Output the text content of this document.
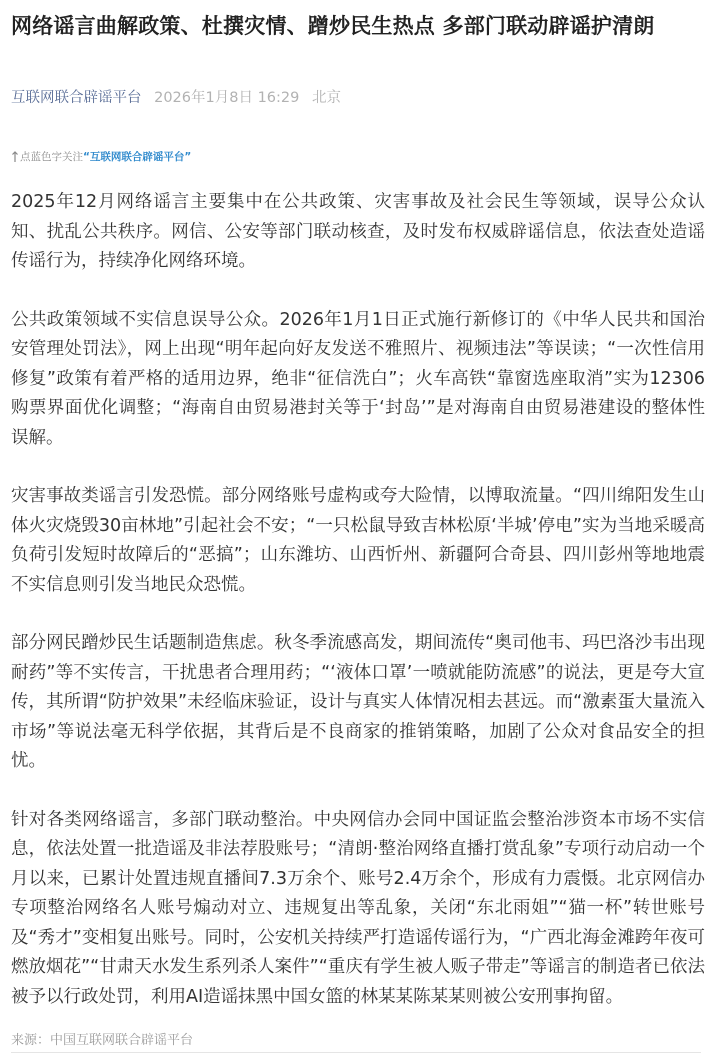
网络谣言曲解政策、杜撰灾情、蹭炒民生热点 多部门联动辟谣护清朗
互联网联合辟谣平台 2026年1月8日 16:29 北京
点蓝色字关注 “互联网联合辟谣平台”

2025年12月网络谣言主要集中在公共政策、灾害事故及社会民生等领域，误导公众认知、扰乱公共秩序。网信、公安等部门联动核查，及时发布权威辟谣信息，依法查处造谣传谣行为，持续净化网络环境。

公共政策领域不实信息误导公众。2026年1月1日正式施行新修订的《中华人民共和国治安管理处罚法》，网上出现“明年起向好友发送不雅照片、视频违法”等误读；“一次性信用修复”政策有着严格的适用边界，绝非“征信洗白”；火车高铁“靠窗选座取消”实为12306购票界面优化调整；“海南自由贸易港封关等于‘封岛’”是对海南自由贸易港建设的整体性误解。

灾害事故类谣言引发恐慌。部分网络账号虚构或夸大险情，以博取流量。“四川绵阳发生山体火灾烧毁30亩林地”引起社会不安；“一只松鼠导致吉林松原‘半城’停电”实为当地采暖高负荷引发短时故障后的“恶搞”；山东潍坊、山西忻州、新疆阿合奇县、四川彭州等地地震不实信息则引发当地民众恐慌。

部分网民蹭炒民生话题制造焦虑。秋冬季流感高发，期间流传“奥司他韦、玛巴洛沙韦出现耐药”等不实传言，干扰患者合理用药；“‘液体口罩’一喷就能防流感”的说法，更是夸大宣传，其所谓“防护效果”未经临床验证，设计与真实人体情况相去甚远。而“激素蛋大量流入市场”等说法毫无科学依据，其背后是不良商家的推销策略，加剧了公众对食品安全的担忧。

针对各类网络谣言，多部门联动整治。中央网信办会同中国证监会整治涉资本市场不实信息，依法处置一批造谣及非法荐股账号；“清朗·整治网络直播打赏乱象”专项行动启动一个月以来，已累计处置违规直播间7.3万余个、账号2.4万余个，形成有力震慑。北京网信办专项整治网络名人账号煽动对立、违规复出等乱象，关闭“东北雨姐”“猫一杯”转世账号及“秀才”变相复出账号。同时，公安机关持续严打造谣传谣行为，“广西北海金滩跨年夜可燃放烟花”“甘肃天水发生系列杀人案件”“重庆有学生被人贩子带走”等谣言的制造者已依法被予以行政处罚，利用AI造谣抹黑中国女篮的林某某陈某某则被公安刑事拘留。

来源：中国互联网联合辟谣平台
